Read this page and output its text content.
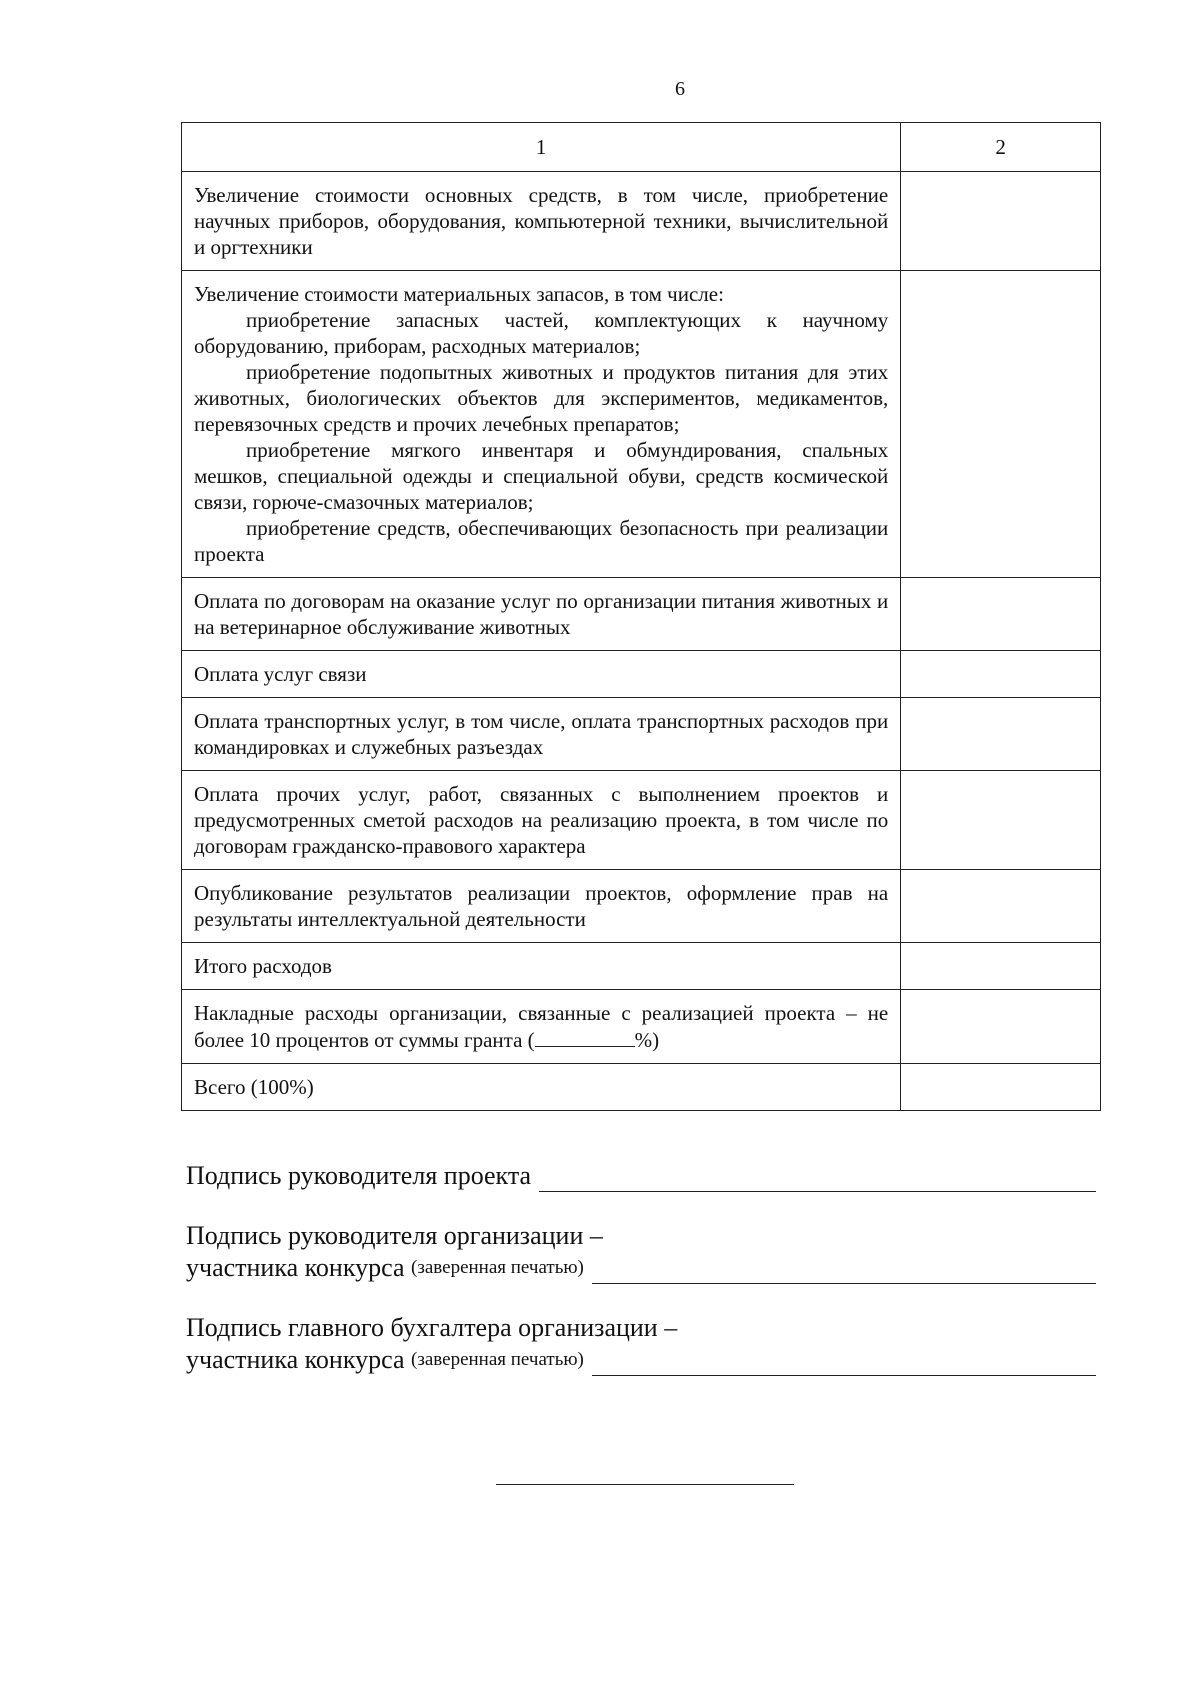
6
1	2

Увеличение стоимости основных средств, в том числе, приобретение научных приборов, оборудования, компьютерной техники, вычислительной и оргтехники	

Увеличение стоимости материальных запасов, в том числе:
приобретение запасных частей, комплектующих к научному оборудованию, приборам, расходных материалов;
приобретение подопытных животных и продуктов питания для этих животных, биологических объектов для экспериментов, медикаментов, перевязочных средств и прочих лечебных препаратов;
приобретение мягкого инвентаря и обмундирования, спальных мешков, специальной одежды и специальной обуви, средств космической связи, горюче-смазочных материалов;
приобретение средств, обеспечивающих безопасность при реализации проекта	

Оплата по договорам на оказание услуг по организации питания животных и на ветеринарное обслуживание животных	

Оплата услуг связи	

Оплата транспортных услуг, в том числе, оплата транспортных расходов при командировках и служебных разъездах	

Оплата прочих услуг, работ, связанных с выполнением проектов и предусмотренных сметой расходов на реализацию проекта, в том числе по договорам гражданско-правового характера	

Опубликование результатов реализации проектов, оформление прав на результаты интеллектуальной деятельности	

Итого расходов	

Накладные расходы организации, связанные с реализацией проекта – не более 10 процентов от суммы гранта ( %)	
Всего (100%)	
Подпись руководителя проекта
Подпись руководителя организации –
участника конкурса
(заверенная печатью)
Подпись главного бухгалтера организации –
участника конкурса
(заверенная печатью)
